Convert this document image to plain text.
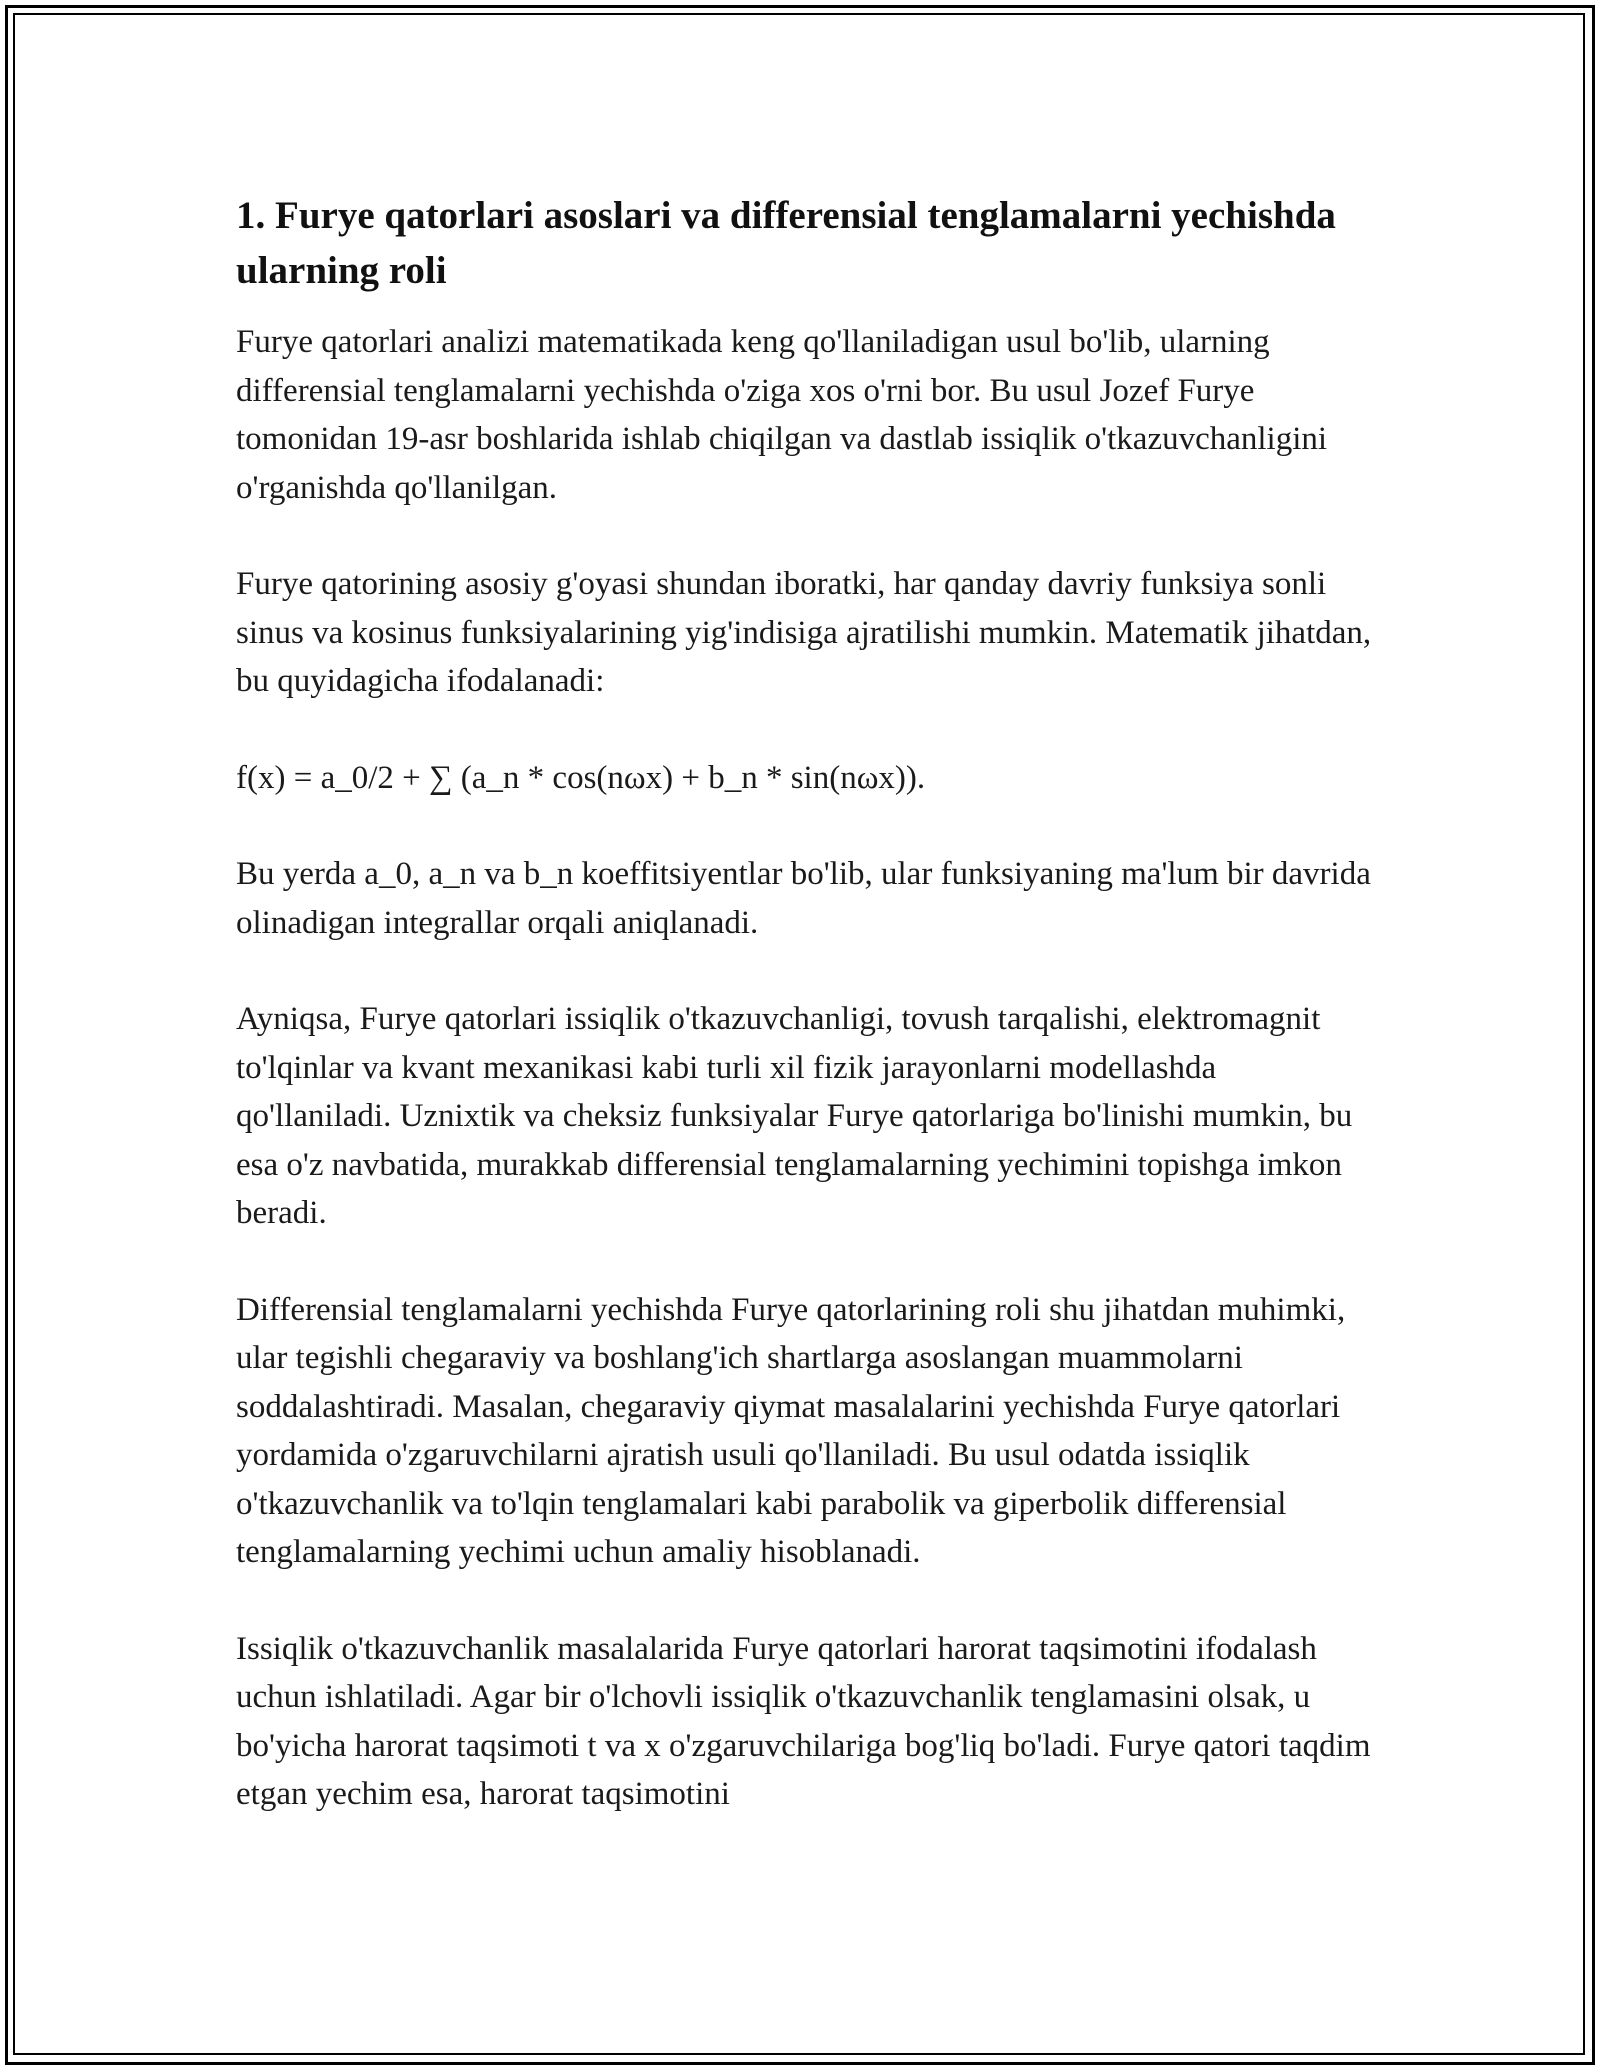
1. Furye qatorlari asoslari va differensial tenglamalarni yechishda ularning roli

Furye qatorlari analizi matematikada keng qo'llaniladigan usul bo'lib, ularning differensial tenglamalarni yechishda o'ziga xos o'rni bor. Bu usul Jozef Furye tomonidan 19-asr boshlarida ishlab chiqilgan va dastlab issiqlik o'tkazuvchanligini o'rganishda qo'llanilgan.

Furye qatorining asosiy g'oyasi shundan iboratki, har qanday davriy funksiya sonli sinus va kosinus funksiyalarining yig'indisiga ajratilishi mumkin. Matematik jihatdan, bu quyidagicha ifodalanadi:

f(x) = a_0/2 + ∑ (a_n * cos(nωx) + b_n * sin(nωx)).

Bu yerda a_0, a_n va b_n koeffitsiyentlar bo'lib, ular funksiyaning ma'lum bir davrida olinadigan integrallar orqali aniqlanadi.

Ayniqsa, Furye qatorlari issiqlik o'tkazuvchanligi, tovush tarqalishi, elektromagnit to'lqinlar va kvant mexanikasi kabi turli xil fizik jarayonlarni modellashda qo'llaniladi. Uznixtik va cheksiz funksiyalar Furye qatorlariga bo'linishi mumkin, bu esa o'z navbatida, murakkab differensial tenglamalarning yechimini topishga imkon beradi.

Differensial tenglamalarni yechishda Furye qatorlarining roli shu jihatdan muhimki, ular tegishli chegaraviy va boshlang'ich shartlarga asoslangan muammolarni soddalashtiradi. Masalan, chegaraviy qiymat masalalarini yechishda Furye qatorlari yordamida o'zgaruvchilarni ajratish usuli qo'llaniladi. Bu usul odatda issiqlik o'tkazuvchanlik va to'lqin tenglamalari kabi parabolik va giperbolik differensial tenglamalarning yechimi uchun amaliy hisoblanadi.

Issiqlik o'tkazuvchanlik masalalarida Furye qatorlari harorat taqsimotini ifodalash uchun ishlatiladi. Agar bir o'lchovli issiqlik o'tkazuvchanlik tenglamasini olsak, u bo'yicha harorat taqsimoti t va x o'zgaruvchilariga bog'liq bo'ladi. Furye qatori taqdim etgan yechim esa, harorat taqsimotini
